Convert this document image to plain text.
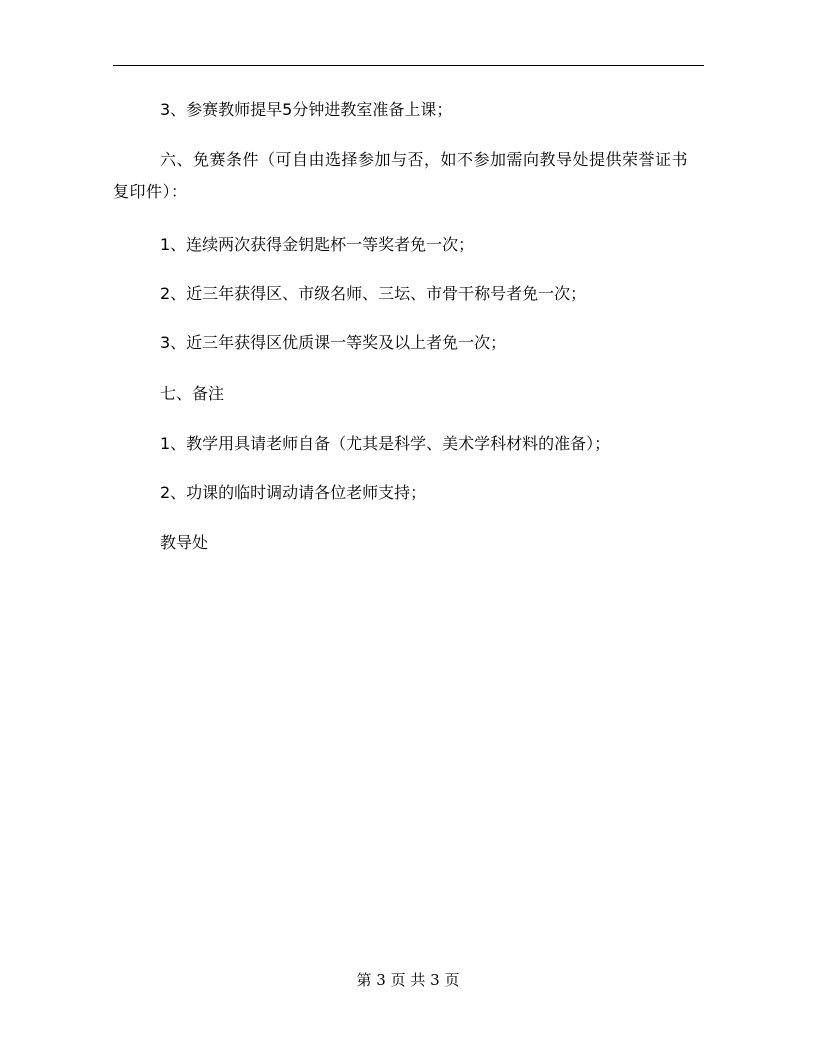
3、参赛教师提早5分钟进教室准备上课；
六、免赛条件（可自由选择参加与否，如不参加需向教导处提供荣誉证书复印件）：
1、连续两次获得金钥匙杯一等奖者免一次；
2、近三年获得区、市级名师、三坛、市骨干称号者免一次；
3、近三年获得区优质课一等奖及以上者免一次；
七、备注
1、教学用具请老师自备（尤其是科学、美术学科材料的准备）；
2、功课的临时调动请各位老师支持；
教导处
第 3 页 共 3 页
